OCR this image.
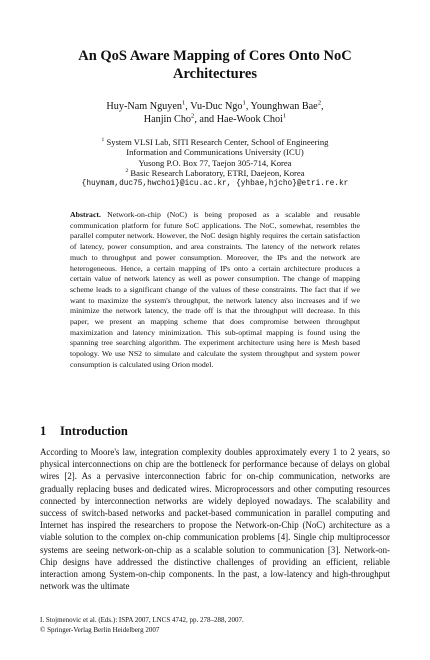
An QoS Aware Mapping of Cores Onto NoC
Architectures
Huy-Nam Nguyen$^1$, Vu-Duc Ngo$^1$, Younghwan Bae$^2$,
Hanjin Cho$^2$, and Hae-Wook Choi$^1$
$^1$ System VLSI Lab, SITI Research Center, School of Engineering
Information and Communications University (ICU)
Yusong P.O. Box 77, Taejon 305-714, Korea
$^2$ Basic Research Laboratory, ETRI, Daejeon, Korea
{huymam,duc75,hwchoi}@icu.ac.kr, {yhbae,hjcho}@etri.re.kr
Abstract. Network-on-chip (NoC) is being proposed as a scalable and reusable communication platform for future SoC applications. The NoC, somewhat, resembles the parallel computer network. However, the NoC design highly requires the certain satisfaction of latency, power consumption, and area constraints. The latency of the network relates much to throughput and power consumption. Moreover, the IPs and the network are heterogeneous. Hence, a certain mapping of IPs onto a certain architecture produces a certain value of network latency as well as power consumption. The change of mapping scheme leads to a significant change of the values of these constraints. The fact that if we want to maximize the system's throughput, the network latency also increases and if we minimize the network latency, the trade off is that the throughput will decrease. In this paper, we present an mapping scheme that does compromise between throughput maximization and latency minimization. This sub-optimal mapping is found using the spanning tree searching algorithm. The experiment architecture using here is Mesh based topology. We use NS2 to simulate and calculate the system throughput and system power consumption is calculated using Orion model.
1 Introduction
According to Moore's law, integration complexity doubles approximately every 1 to 2 years, so physical interconnections on chip are the bottleneck for performance because of delays on global wires [2]. As a pervasive interconnection fabric for on-chip communication, networks are gradually replacing buses and dedicated wires. Microprocessors and other computing resources connected by interconnection networks are widely deployed nowadays. The scalability and success of switch-based networks and packet-based communication in parallel computing and Internet has inspired the researchers to propose the Network-on-Chip (NoC) architecture as a viable solution to the complex on-chip communication problems [4]. Single chip multiprocessor systems are seeing network-on-chip as a scalable solution to communication [3]. Network-on-Chip designs have addressed the distinctive challenges of providing an efficient, reliable interaction among System-on-chip components. In the past, a low-latency and high-throughput network was the ultimate
I. Stojmenovic et al. (Eds.): ISPA 2007, LNCS 4742, pp. 278–288, 2007.
© Springer-Verlag Berlin Heidelberg 2007
